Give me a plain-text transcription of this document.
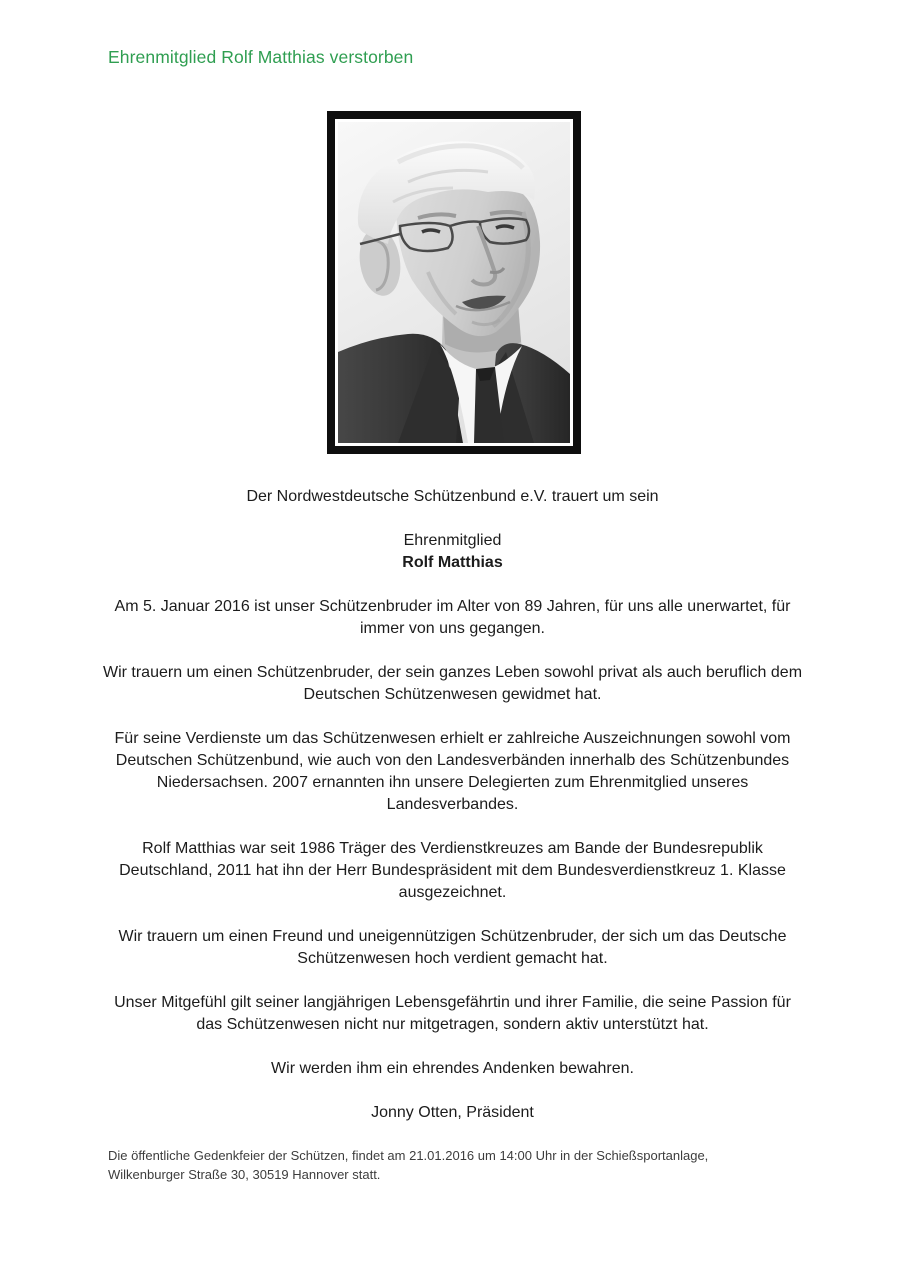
Ehrenmitglied Rolf Matthias verstorben

Der Nordwestdeutsche Schützenbund e.V. trauert um sein

Ehrenmitglied
Rolf Matthias

Am 5. Januar 2016 ist unser Schützenbruder im Alter von 89 Jahren, für uns alle unerwartet, für immer von uns gegangen.

Wir trauern um einen Schützenbruder, der sein ganzes Leben sowohl privat als auch beruflich dem Deutschen Schützenwesen gewidmet hat.

Für seine Verdienste um das Schützenwesen erhielt er zahlreiche Auszeichnungen sowohl vom Deutschen Schützenbund, wie auch von den Landesverbänden innerhalb des Schützenbundes Niedersachsen. 2007 ernannten ihn unsere Delegierten zum Ehrenmitglied unseres Landesverbandes.

Rolf Matthias war seit 1986 Träger des Verdienstkreuzes am Bande der Bundesrepublik Deutschland, 2011 hat ihn der Herr Bundespräsident mit dem Bundesverdienstkreuz 1. Klasse ausgezeichnet.

Wir trauern um einen Freund und uneigennützigen Schützenbruder, der sich um das Deutsche Schützenwesen hoch verdient gemacht hat.

Unser Mitgefühl gilt seiner langjährigen Lebensgefährtin und ihrer Familie, die seine Passion für das Schützenwesen nicht nur mitgetragen, sondern aktiv unterstützt hat.

Wir werden ihm ein ehrendes Andenken bewahren.

Jonny Otten, Präsident

Die öffentliche Gedenkfeier der Schützen, findet am 21.01.2016 um 14:00 Uhr in der Schießsportanlage,
Wilkenburger Straße 30, 30519 Hannover statt.
